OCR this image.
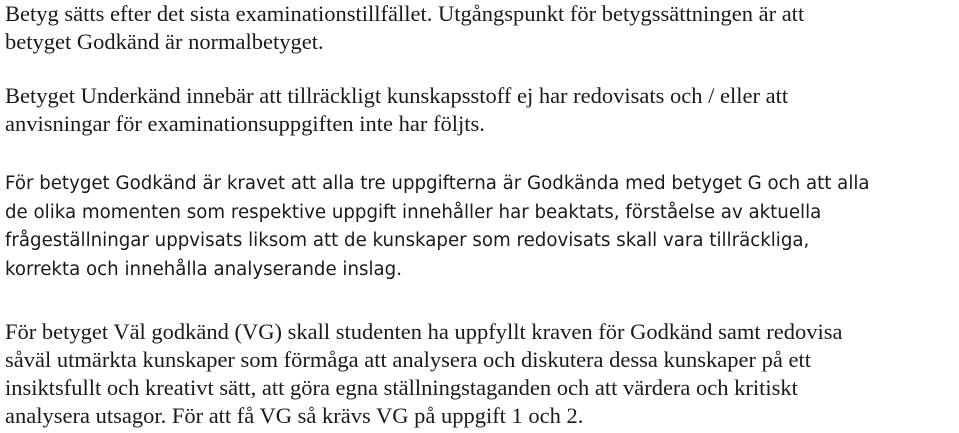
Betyg sätts efter det sista examinationstillfället. Utgångspunkt för betygssättningen är att
betyget Godkänd är normalbetyget.

Betyget Underkänd innebär att tillräckligt kunskapsstoff ej har redovisats och / eller att
anvisningar för examinationsuppgiften inte har följts.

För betyget Godkänd är kravet att alla tre uppgifterna är Godkända med betyget G och att alla
de olika momenten som respektive uppgift innehåller har beaktats, förståelse av aktuella
frågeställningar uppvisats liksom att de kunskaper som redovisats skall vara tillräckliga,
korrekta och innehålla analyserande inslag.

För betyget Väl godkänd (VG) skall studenten ha uppfyllt kraven för Godkänd samt redovisa
såväl utmärkta kunskaper som förmåga att analysera och diskutera dessa kunskaper på ett
insiktsfullt och kreativt sätt, att göra egna ställningstaganden och att värdera och kritiskt
analysera utsagor. För att få VG så krävs VG på uppgift 1 och 2.
